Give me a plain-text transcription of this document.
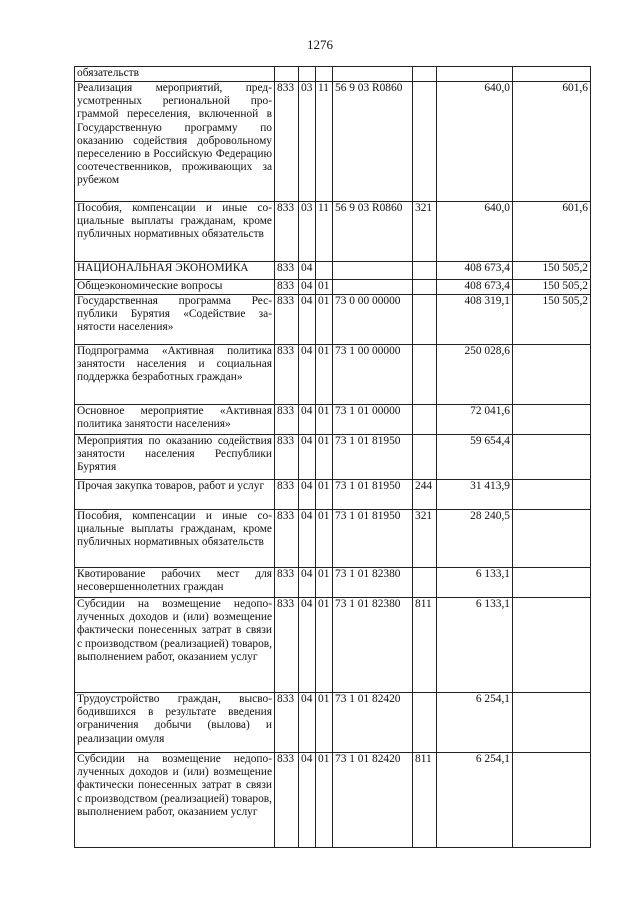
1276
обязательств							
Реализация мероприятий, предусмотренных региональной программой переселения, включенной в Государственную программу по оказанию содействия добровольному переселению в Российскую Федерацию соотечественников, проживающих за рубежом	833	03	11	56 9 03 R0860		640,0	601,6
Пособия, компенсации и иные социальные выплаты гражданам, кроме публичных нормативных обязательств	833	03	11	56 9 03 R0860	321	640,0	601,6
НАЦИОНАЛЬНАЯ ЭКОНОМИКА	833	04				408 673,4	150 505,2
Общеэкономические вопросы	833	04	01			408 673,4	150 505,2
Государственная программа Республики Бурятия «Содействие занятости населения»	833	04	01	73 0 00 00000		408 319,1	150 505,2
Подпрограмма «Активная политика занятости населения и социальная поддержка безработных граждан»	833	04	01	73 1 00 00000		250 028,6	
Основное мероприятие «Активная политика занятости населения»	833	04	01	73 1 01 00000		72 041,6	
Мероприятия по оказанию содействия занятости населения Республики Бурятия	833	04	01	73 1 01 81950		59 654,4	
Прочая закупка товаров, работ и услуг	833	04	01	73 1 01 81950	244	31 413,9	
Пособия, компенсации и иные социальные выплаты гражданам, кроме публичных нормативных обязательств	833	04	01	73 1 01 81950	321	28 240,5	
Квотирование рабочих мест для несовершеннолетних граждан	833	04	01	73 1 01 82380		6 133,1	
Субсидии на возмещение недополученных доходов и (или) возмещение фактически понесенных затрат в связи с производством (реализацией) товаров, выполнением работ, оказанием услуг	833	04	01	73 1 01 82380	811	6 133,1	
Трудоустройство граждан, высвободившихся в результате введения ограничения добычи (вылова) и реализации омуля	833	04	01	73 1 01 82420		6 254,1	
Субсидии на возмещение недополученных доходов и (или) возмещение фактически понесенных затрат в связи с производством (реализацией) товаров, выполнением работ, оказанием услуг	833	04	01	73 1 01 82420	811	6 254,1	
